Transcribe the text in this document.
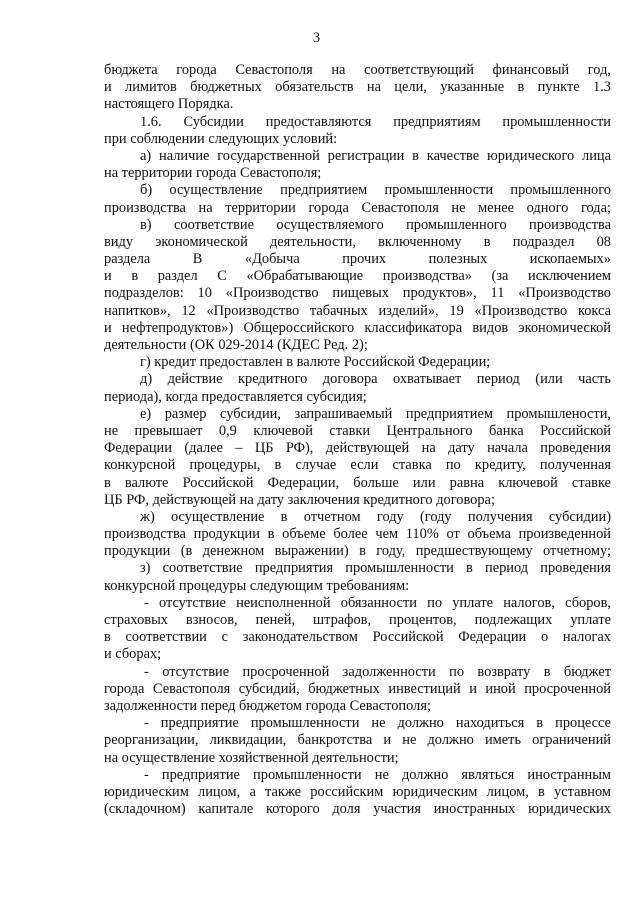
3
бюджета города Севастополя на соответствующий финансовый год,
и лимитов бюджетных обязательств на цели, указанные в пункте 1.3
настоящего Порядка.
1.6. Субсидии предоставляются предприятиям промышленности
при соблюдении следующих условий:
а) наличие государственной регистрации в качестве юридического лица
на территории города Севастополя;
б) осуществление предприятием промышленности промышленного
производства на территории города Севастополя не менее одного года;
в) соответствие осуществляемого промышленного производства
виду экономической деятельности, включенному в подраздел 08
раздела В «Добыча прочих полезных ископаемых»
и в раздел С «Обрабатывающие производства» (за исключением
подразделов: 10 «Производство пищевых продуктов», 11 «Производство
напитков», 12 «Производство табачных изделий», 19 «Производство кокса
и нефтепродуктов») Общероссийского классификатора видов экономической
деятельности (ОК 029-2014 (КДЕС Ред. 2);
г) кредит предоставлен в валюте Российской Федерации;
д) действие кредитного договора охватывает период (или часть
периода), когда предоставляется субсидия;
е) размер субсидии, запрашиваемый предприятием промышлености,
не превышает 0,9 ключевой ставки Центрального банка Российской
Федерации (далее – ЦБ РФ), действующей на дату начала проведения
конкурсной процедуры, в случае если ставка по кредиту, полученная
в валюте Российской Федерации, больше или равна ключевой ставке
ЦБ РФ, действующей на дату заключения кредитного договора;
ж) осуществление в отчетном году (году получения субсидии)
производства продукции в объеме более чем 110% от объема произведенной
продукции (в денежном выражении) в году, предшествующему отчетному;
з) соответствие предприятия промышленности в период проведения
конкурсной процедуры следующим требованиям:
- отсутствие неисполненной обязанности по уплате налогов, сборов,
страховых взносов, пеней, штрафов, процентов, подлежащих уплате
в соответствии с законодательством Российской Федерации о налогах
и сборах;
- отсутствие просроченной задолженности по возврату в бюджет
города Севастополя субсидий, бюджетных инвестиций и иной просроченной
задолженности перед бюджетом города Севастополя;
- предприятие промышленности не должно находиться в процессе
реорганизации, ликвидации, банкротства и не должно иметь ограничений
на осуществление хозяйственной деятельности;
- предприятие промышленности не должно являться иностранным
юридическим лицом, а также российским юридическим лицом, в уставном
(складочном) капитале которого доля участия иностранных юридических
